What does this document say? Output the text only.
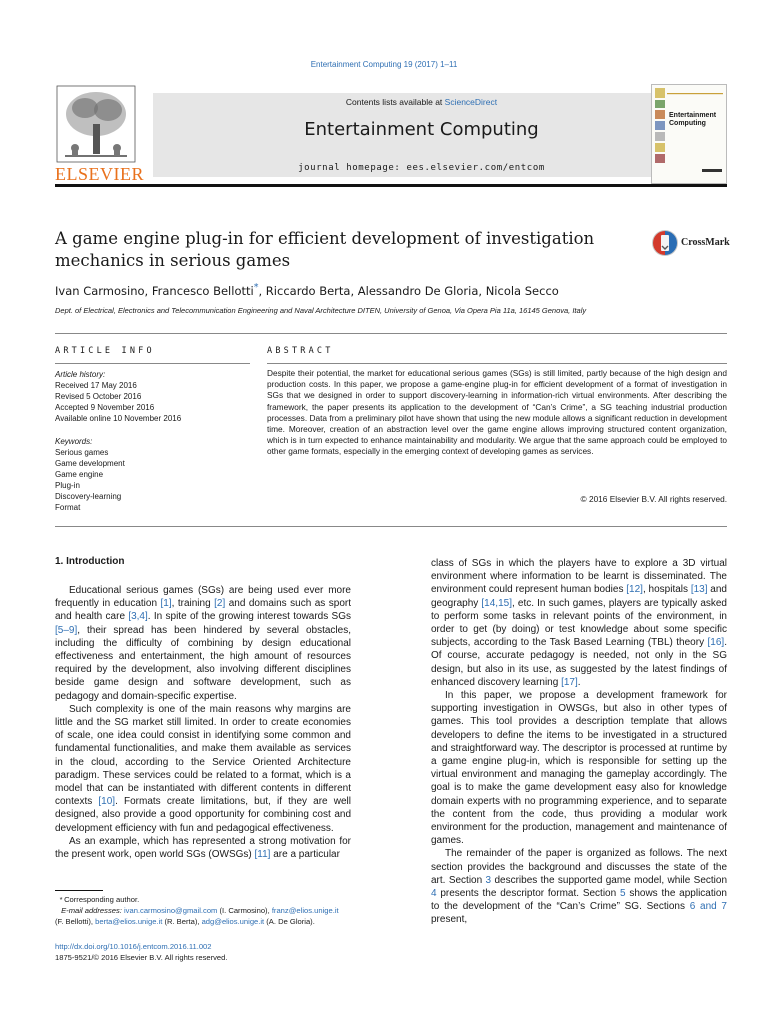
Entertainment Computing 19 (2017) 1–11
ELSEVIER
Contents lists available at ScienceDirect
Entertainment Computing
journal homepage: ees.elsevier.com/entcom
Entertainment Computing
A game engine plug-in for efficient development of investigation mechanics in serious games
CrossMark
Ivan Carmosino, Francesco Bellotti*, Riccardo Berta, Alessandro De Gloria, Nicola Secco
Dept. of Electrical, Electronics and Telecommunication Engineering and Naval Architecture DITEN, University of Genoa, Via Opera Pia 11a, 16145 Genova, Italy
ARTICLE INFO	ABSTRACT
Article history:
Received 17 May 2016
Revised 5 October 2016
Accepted 9 November 2016
Available online 10 November 2016
Keywords:
Serious games
Game development
Game engine
Plug-in
Discovery-learning
Format
Despite their potential, the market for educational serious games (SGs) is still limited, partly because of the high design and production costs. In this paper, we propose a game-engine plug-in for efficient development of a format of investigation in SGs that we designed in order to support discovery-learning in information-rich virtual environments. After describing the framework, the paper presents its application to the development of “Can’s Crime”, a SG teaching industrial production processes. Data from a preliminary pilot have shown that using the new module allows a significant reduction in development time. Moreover, creation of an abstraction level over the game engine allows improving structured content organization, which is in turn expected to enhance maintainability and modularity. We argue that the same approach could be employed to other game formats, especially in the emerging context of developing games as services.
© 2016 Elsevier B.V. All rights reserved.
1. Introduction

Educational serious games (SGs) are being used ever more frequently in education [1], training [2] and domains such as sport and health care [3,4]. In spite of the growing interest towards SGs [5–9], their spread has been hindered by several obstacles, including the difficulty of combining by design educational effectiveness and entertainment, the high amount of resources required by the development, also involving different disciplines beside game design and software development, such as pedagogy and domain-specific expertise.

Such complexity is one of the main reasons why margins are little and the SG market still limited. In order to create economies of scale, one idea could consist in identifying some common and fundamental functionalities, and make them available as services in the cloud, according to the Service Oriented Architecture paradigm. These services could be related to a format, which is a model that can be instantiated with different contents in different contexts [10]. Formats create limitations, but, if they are well designed, also provide a good opportunity for combining cost and development efficiency with fun and pedagogical effectiveness.

As an example, which has represented a strong motivation for the present work, open world SGs (OWSGs) [11] are a particular

class of SGs in which the players have to explore a 3D virtual environment where information to be learnt is disseminated. The environment could represent human bodies [12], hospitals [13] and geography [14,15], etc. In such games, players are typically asked to perform some tasks in relevant points of the environment, in order to get (by doing) or test knowledge about some specific subjects, according to the Task Based Learning (TBL) theory [16]. Of course, accurate pedagogy is needed, not only in the SG design, but also in its use, as suggested by the latest findings of enhanced discovery learning [17].

In this paper, we propose a development framework for supporting investigation in OWSGs, but also in other types of games. This tool provides a description template that allows developers to define the items to be investigated in a structured and straightforward way. The descriptor is processed at runtime by a game engine plug-in, which is responsible for setting up the virtual environment and managing the gameplay accordingly. The goal is to make the game development easy also for knowledge domain experts with no programming experience, and to separate the content from the code, thus providing a modular work environment for the production, management and maintenance of games.

The remainder of the paper is organized as follows. The next section provides the background and discusses the state of the art. Section 3 describes the supported game model, while Section 4 presents the descriptor format. Section 5 shows the application to the development of the “Can’s Crime” SG. Sections 6 and 7 present,

   *  Corresponding author.
    E-mail addresses: ivan.carmosino@gmail.com (I. Carmosino), franz@elios.unige.it
(F. Bellotti), berta@elios.unige.it (R. Berta), adg@elios.unige.it (A. De Gloria).
http://dx.doi.org/10.1016/j.entcom.2016.11.002
1875-9521/© 2016 Elsevier B.V. All rights reserved.
